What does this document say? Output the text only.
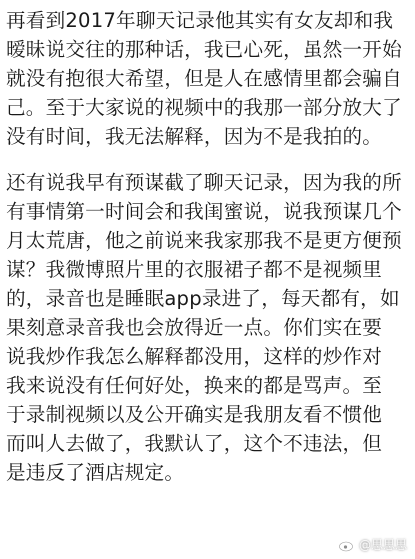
再看到2017年聊天记录他其实有女友却和我
暧昧说交往的那种话，我已心死，虽然一开始
就没有抱很大希望，但是人在感情里都会骗自
己。至于大家说的视频中的我那一部分放大了
没有时间，我无法解释，因为不是我拍的。

还有说我早有预谋截了聊天记录，因为我的所
有事情第一时间会和我闺蜜说，说我预谋几个
月太荒唐，他之前说来我家那我不是更方便预
谋？我微博照片里的衣服裙子都不是视频里
的，录音也是睡眠app录进了，每天都有，如
果刻意录音我也会放得近一点。你们实在要
说我炒作我怎么解释都没用，这样的炒作对
我来说没有任何好处，换来的都是骂声。至
于录制视频以及公开确实是我朋友看不惯他
而叫人去做了，我默认了，这个不违法，但
是违反了酒店规定。

@思思思
